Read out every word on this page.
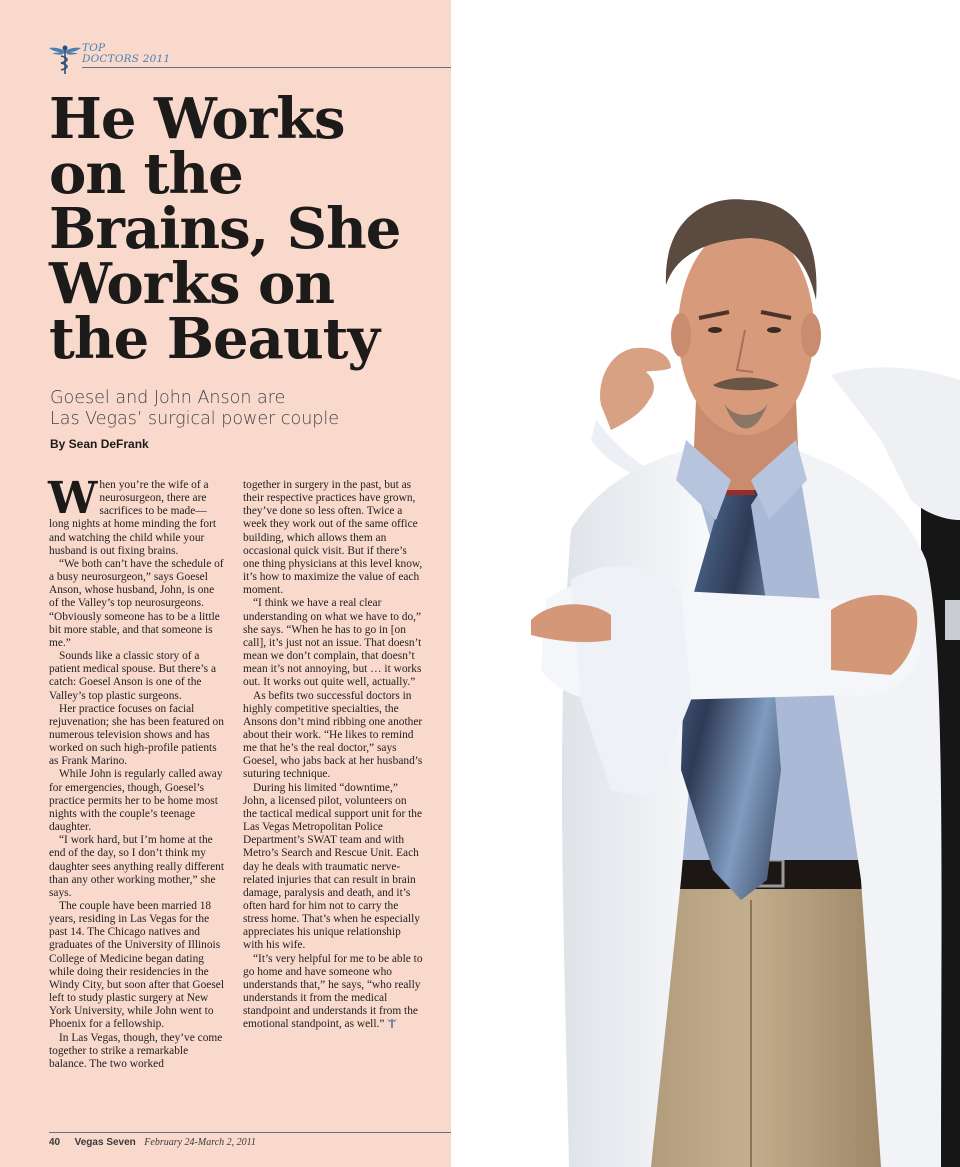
TOP
DOCTORS 2011
He Works
on the
Brains, She
Works on
the Beauty

Goesel and John Anson are
Las Vegas’ surgical power couple

By Sean DeFrank

When you’re the wife of a neurosurgeon, there are sacrifices to be made—long nights at home minding the fort and watching the child while your husband is out fixing brains.

“We both can’t have the schedule of a busy neurosurgeon,” says Goesel Anson, whose husband, John, is one of the Valley’s top neurosurgeons. “Obviously someone has to be a little bit more stable, and that someone is me.”

Sounds like a classic story of a patient medical spouse. But there’s a catch: Goesel Anson is one of the Valley’s top plastic surgeons.

Her practice focuses on facial rejuvenation; she has been featured on numerous television shows and has worked on such high-profile patients as Frank Marino.

While John is regularly called away for emergencies, though, Goesel’s practice permits her to be home most nights with the couple’s teenage daughter.

“I work hard, but I’m home at the end of the day, so I don’t think my daughter sees anything really different than any other working mother,” she says.

The couple have been married 18 years, residing in Las Vegas for the past 14. The Chicago natives and graduates of the University of Illinois College of Medicine began dating while doing their residencies in the Windy City, but soon after that Goesel left to study plastic surgery at New York University, while John went to Phoenix for a fellowship.

In Las Vegas, though, they’ve come together to strike a remarkable balance. The two worked

together in surgery in the past, but as their respective practices have grown, they’ve done so less often. Twice a week they work out of the same office building, which allows them an occasional quick visit. But if there’s one thing physicians at this level know, it’s how to maximize the value of each moment.

“I think we have a real clear understanding on what we have to do,” she says. “When he has to go in [on call], it’s just not an issue. That doesn’t mean we don’t complain, that doesn’t mean it’s not annoying, but … it works out. It works out quite well, actually.”

As befits two successful doctors in highly competitive specialties, the Ansons don’t mind ribbing one another about their work. “He likes to remind me that he’s the real doctor,” says Goesel, who jabs back at her husband’s suturing technique.

During his limited “downtime,” John, a licensed pilot, volunteers on the tactical medical support unit for the Las Vegas Metropolitan Police Department’s SWAT team and with Metro’s Search and Rescue Unit. Each day he deals with traumatic nerve-related injuries that can result in brain damage, paralysis and death, and it’s often hard for him not to carry the stress home. That’s when he especially appreciates his unique relationship with his wife.

“It’s very helpful for me to be able to go home and have someone who understands that,” he says, “who really understands it from the medical standpoint and understands it from the emotional standpoint, as well.”

40 Vegas Seven February 24-March 2, 2011
